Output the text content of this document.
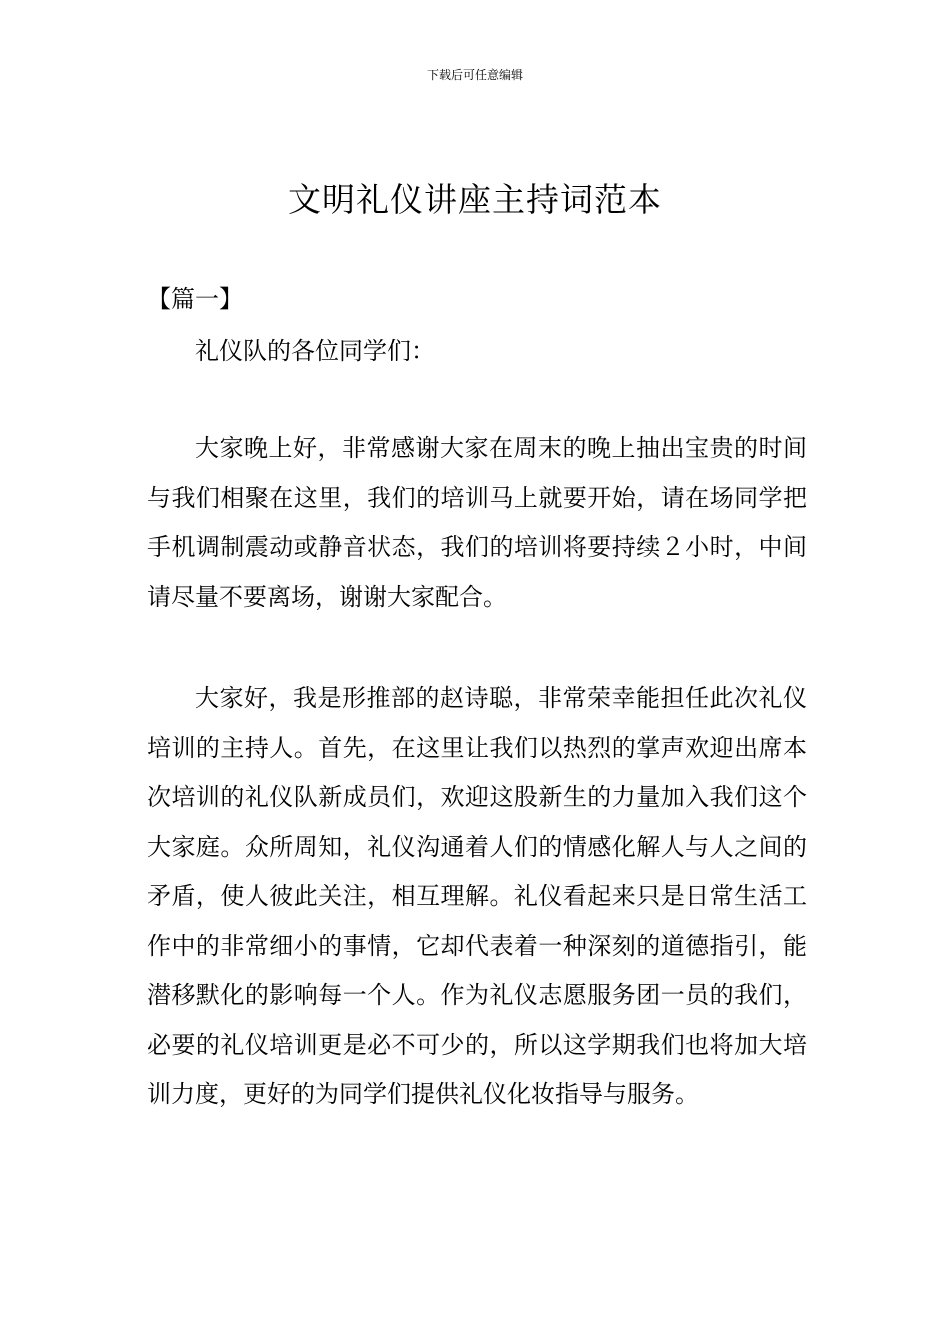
下载后可任意编辑
文明礼仪讲座主持词范本
【篇一】
礼仪队的各位同学们：

大家晚上好，非常感谢大家在周末的晚上抽出宝贵的时间与我们相聚在这里，我们的培训马上就要开始，请在场同学把手机调制震动或静音状态，我们的培训将要持续２小时，中间请尽量不要离场，谢谢大家配合。

大家好，我是形推部的赵诗聪，非常荣幸能担任此次礼仪培训的主持人。首先，在这里让我们以热烈的掌声欢迎出席本次培训的礼仪队新成员们，欢迎这股新生的力量加入我们这个大家庭。众所周知，礼仪沟通着人们的情感化解人与人之间的矛盾，使人彼此关注，相互理解。礼仪看起来只是日常生活工作中的非常细小的事情，它却代表着一种深刻的道德指引，能潜移默化的影响每一个人。作为礼仪志愿服务团一员的我们，必要的礼仪培训更是必不可少的，所以这学期我们也将加大培训力度，更好的为同学们提供礼仪化妆指导与服务。
